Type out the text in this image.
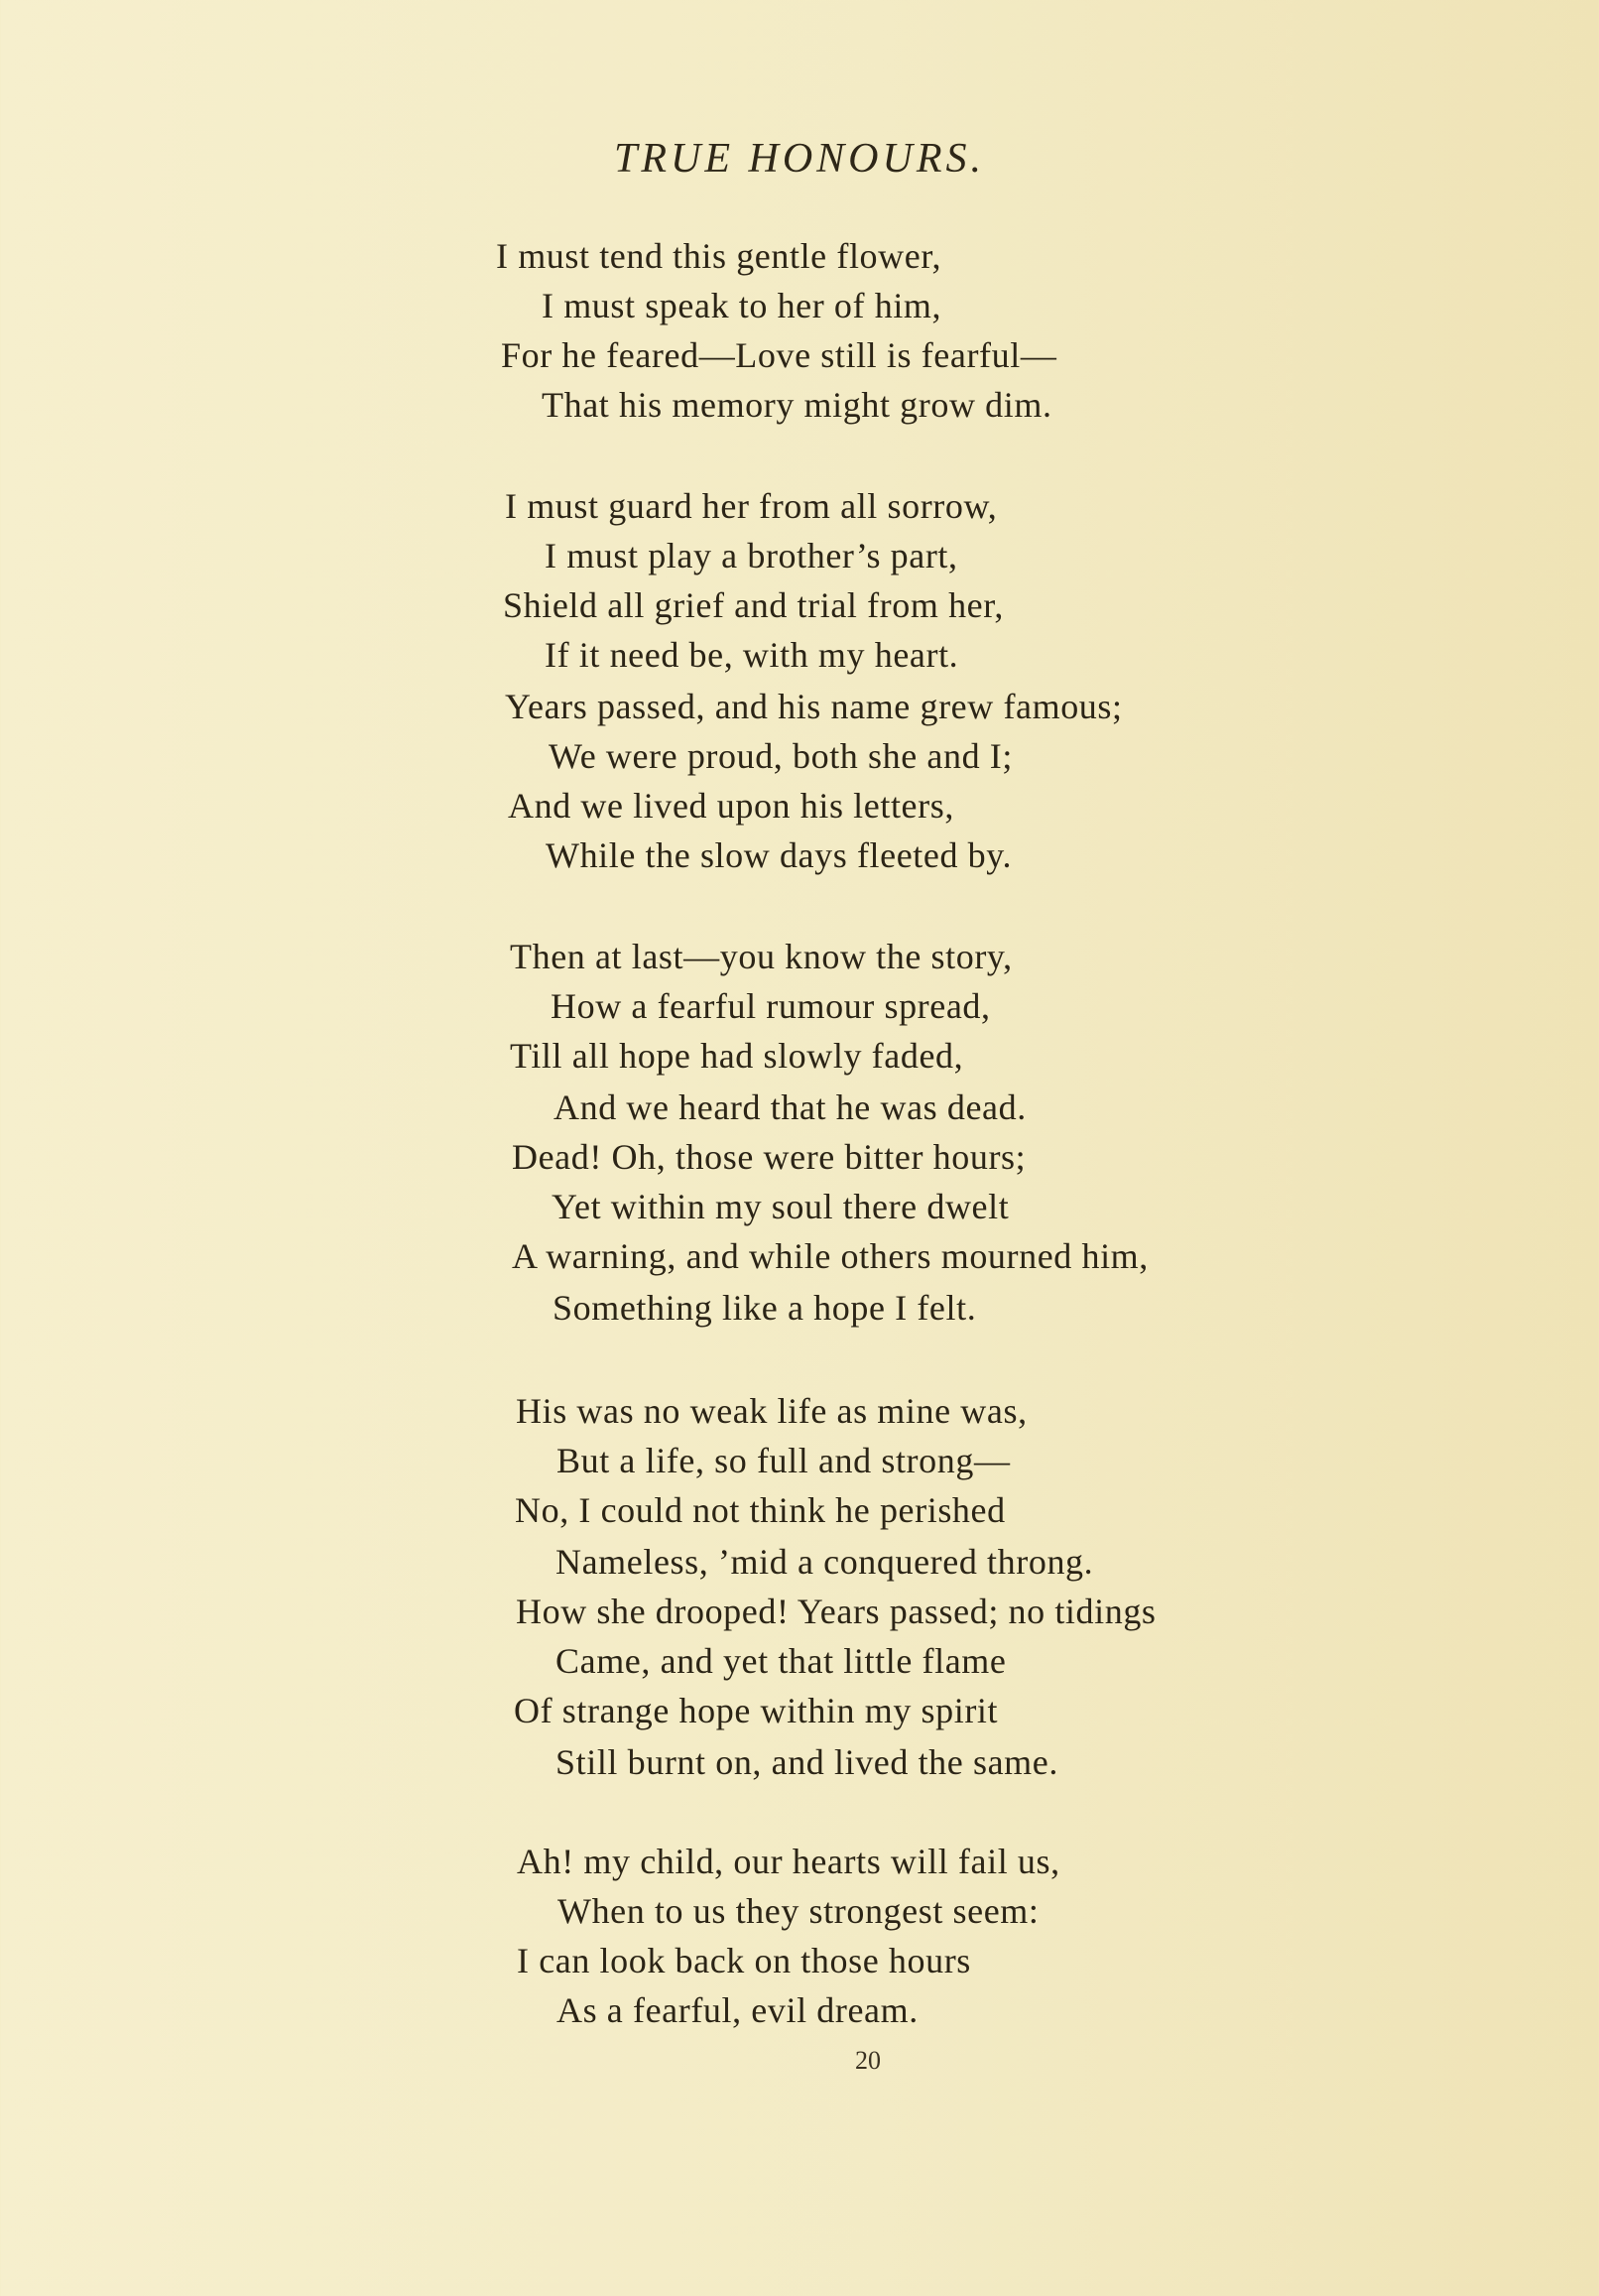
TRUE HONOURS.
I must tend this gentle flower,
I must speak to her of him,
For he feared—Love still is fearful—
That his memory might grow dim.
I must guard her from all sorrow,
I must play a brother’s part,
Shield all grief and trial from her,
If it need be, with my heart.
Years passed, and his name grew famous;
We were proud, both she and I;
And we lived upon his letters,
While the slow days fleeted by.
Then at last—you know the story,
How a fearful rumour spread,
Till all hope had slowly faded,
And we heard that he was dead.
Dead! Oh, those were bitter hours;
Yet within my soul there dwelt
A warning, and while others mourned him,
Something like a hope I felt.
His was no weak life as mine was,
But a life, so full and strong—
No, I could not think he perished
Nameless, ’mid a conquered throng.
How she drooped! Years passed; no tidings
Came, and yet that little flame
Of strange hope within my spirit
Still burnt on, and lived the same.
Ah! my child, our hearts will fail us,
When to us they strongest seem:
I can look back on those hours
As a fearful, evil dream.
20
